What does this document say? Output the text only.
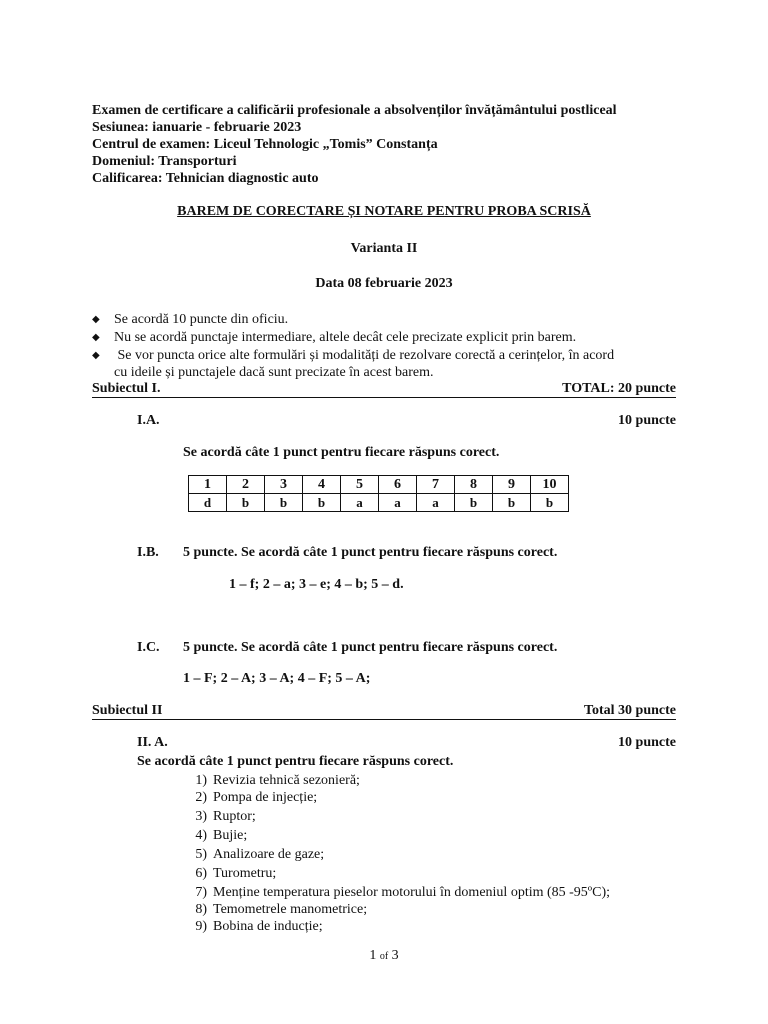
Examen de certificare a calificării profesionale a absolvenților învățământului postliceal
Sesiunea: ianuarie - februarie 2023
Centrul de examen: Liceul Tehnologic „Tomis” Constanța
Domeniul: Transporturi
Calificarea: Tehnician diagnostic auto
BAREM DE CORECTARE ȘI NOTARE PENTRU PROBA SCRISĂ
Varianta II
Data 08 februarie 2023
◆ Se acordă 10 puncte din oficiu.
◆ Nu se acordă punctaje intermediare, altele decât cele precizate explicit prin barem.
◆ Se vor puncta orice alte formulări și modalități de rezolvare corectă a cerințelor, în acord
cu ideile și punctajele dacă sunt precizate în acest barem.
Subiectul I.	TOTAL: 20 puncte
I.A.	10 puncte
Se acordă câte 1 punct pentru fiecare răspuns corect.
1	2	3	4	5	6	7	8	9	10
d	b	b	b	a	a	a	b	b	b
I.B. 5 puncte. Se acordă câte 1 punct pentru fiecare răspuns corect.
1 – f; 2 – a; 3 – e; 4 – b; 5 – d.
I.C. 5 puncte. Se acordă câte 1 punct pentru fiecare răspuns corect.
1 – F; 2 – A; 3 – A; 4 – F; 5 – A;
Subiectul II	Total 30 puncte
II. A.	10 puncte
Se acordă câte 1 punct pentru fiecare răspuns corect.
1) Revizia tehnică sezonieră;
2) Pompa de injecție;
3) Ruptor;
4) Bujie;
5) Analizoare de gaze;
6) Turometru;
7) Menține temperatura pieselor motorului în domeniul optim (85 -95ºC);
8) Temometrele manometrice;
9) Bobina de inducție;
1 of 3
